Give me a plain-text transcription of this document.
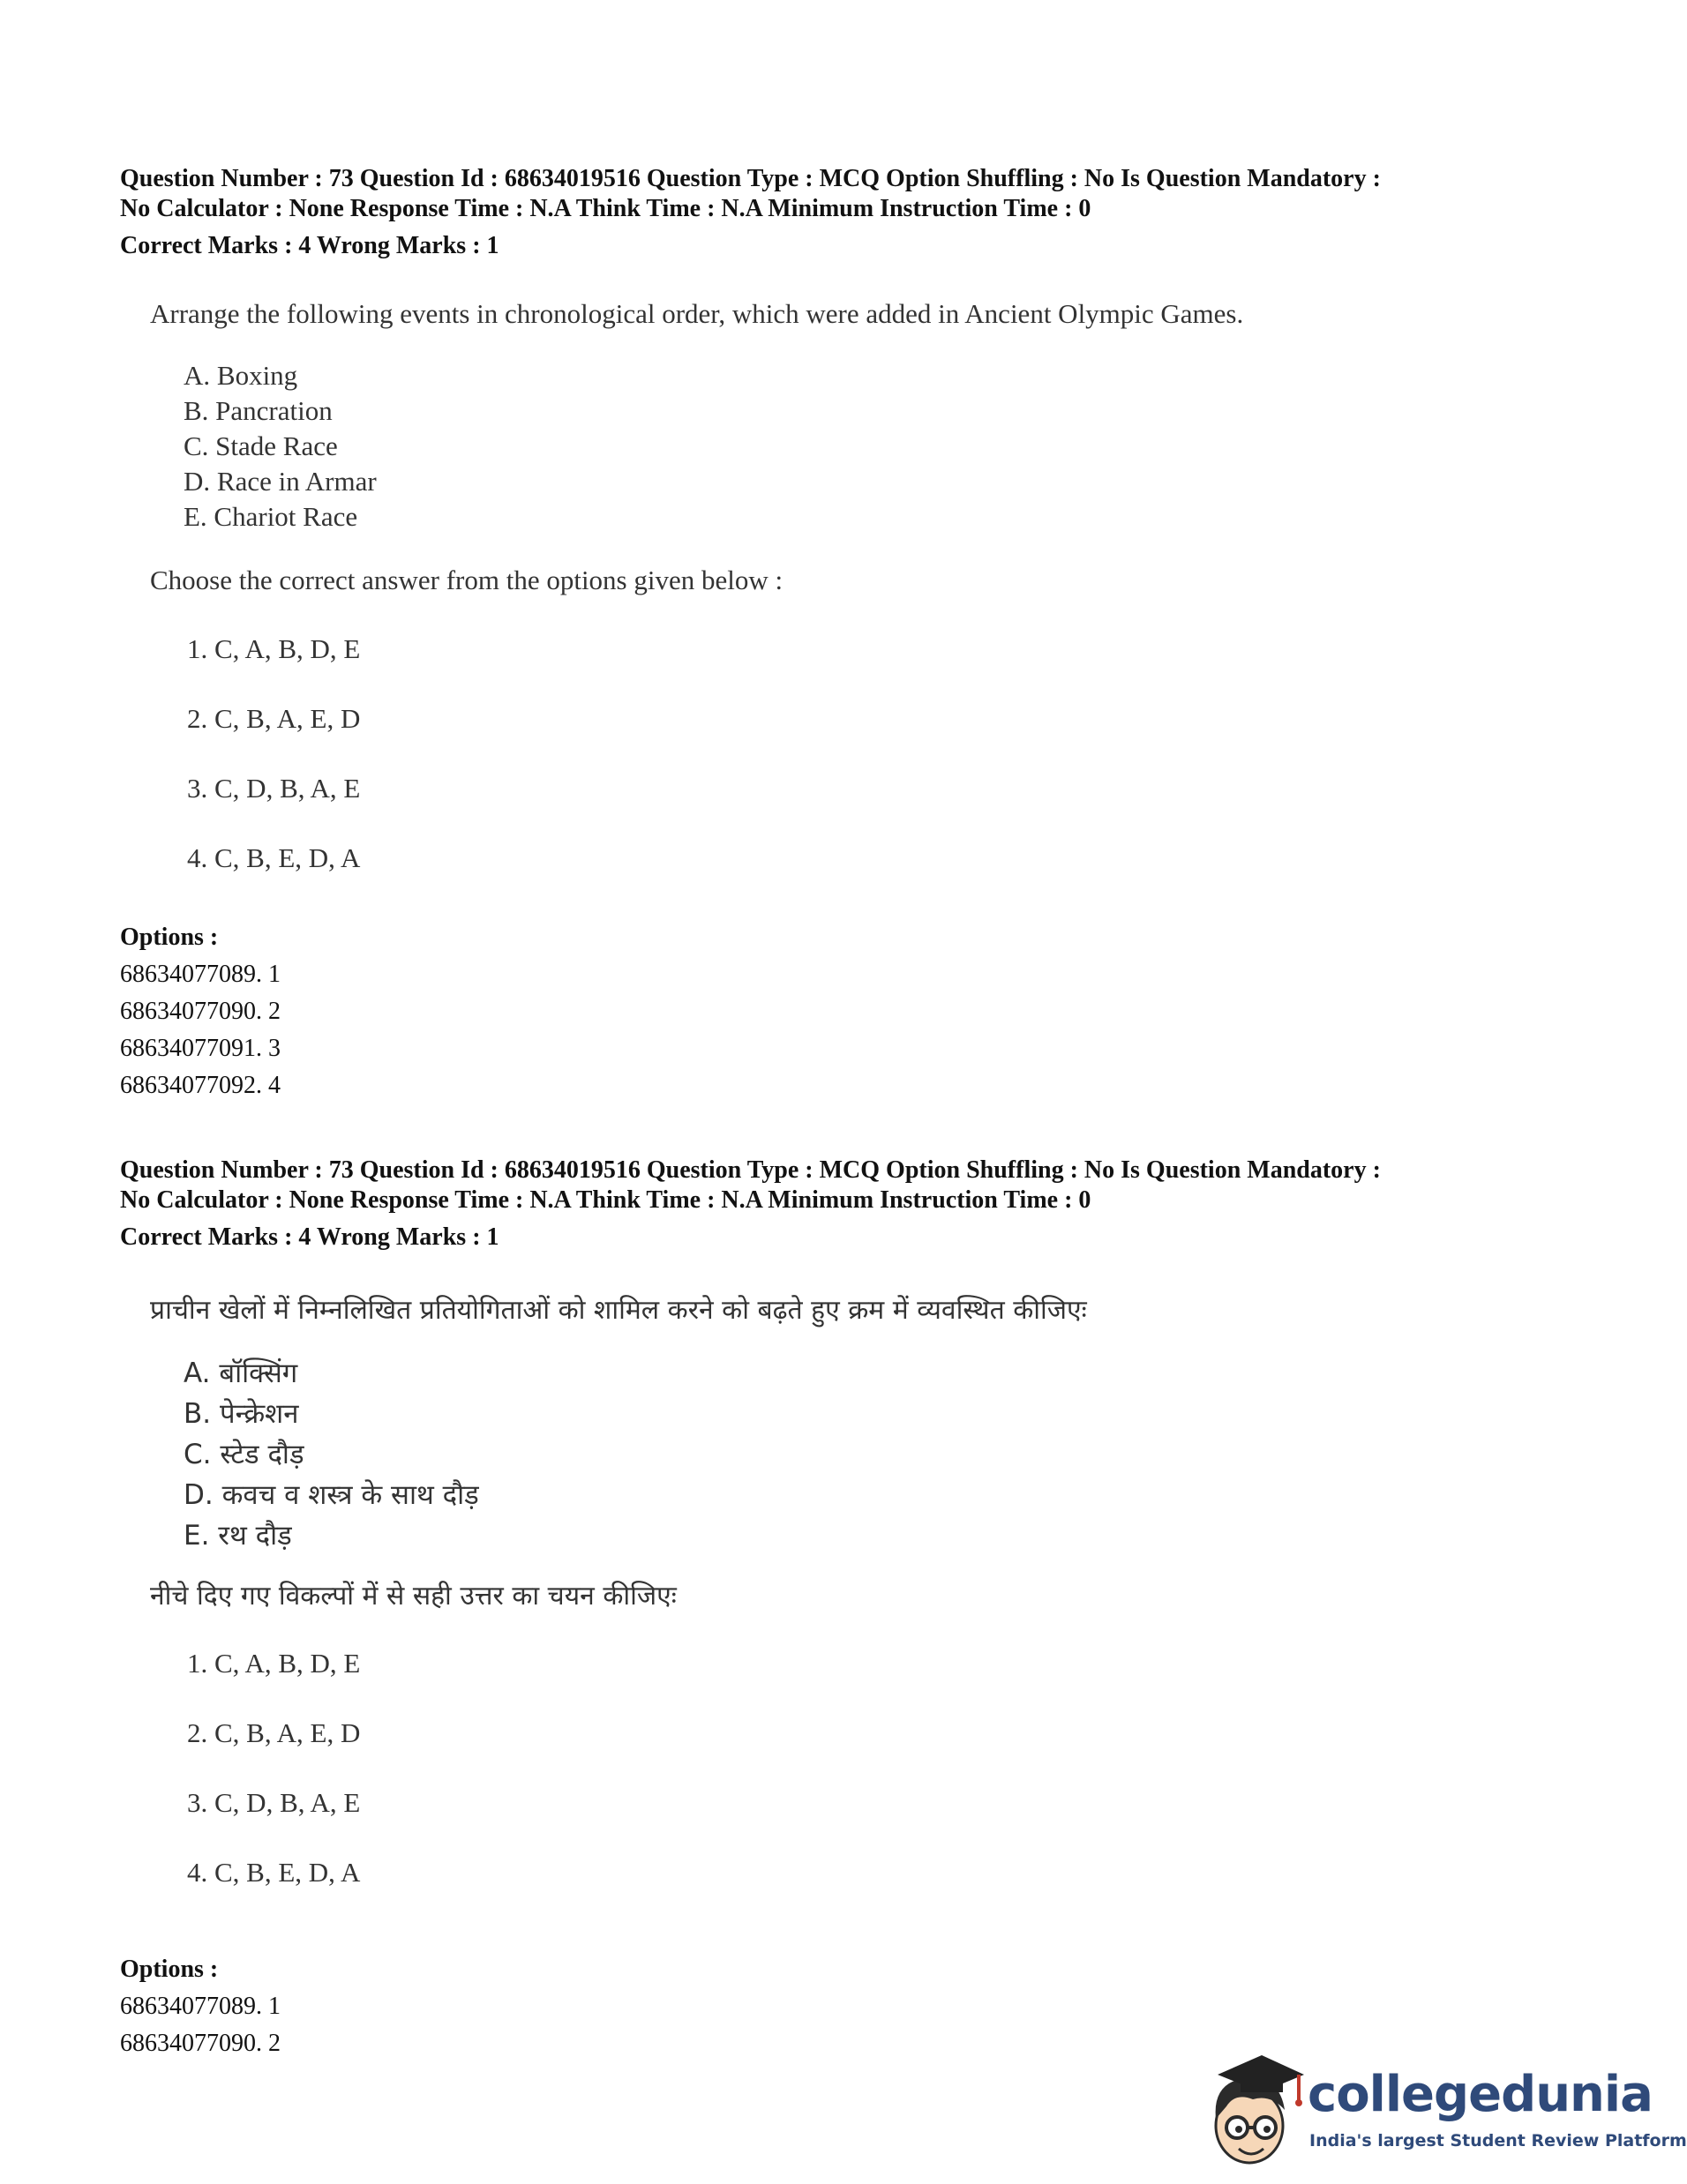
Question Number : 73 Question Id : 68634019516 Question Type : MCQ Option Shuffling : No Is Question Mandatory :
No Calculator : None Response Time : N.A Think Time : N.A Minimum Instruction Time : 0
Correct Marks : 4 Wrong Marks : 1
Arrange the following events in chronological order, which were added in Ancient Olympic Games.
A. Boxing
B. Pancration
C. Stade Race
D. Race in Armar
E. Chariot Race
Choose the correct answer from the options given below :
1. C, A, B, D, E
2. C, B, A, E, D
3. C, D, B, A, E
4. C, B, E, D, A
Options :
68634077089. 1
68634077090. 2
68634077091. 3
68634077092. 4
Question Number : 73 Question Id : 68634019516 Question Type : MCQ Option Shuffling : No Is Question Mandatory :
No Calculator : None Response Time : N.A Think Time : N.A Minimum Instruction Time : 0
Correct Marks : 4 Wrong Marks : 1
प्राचीन खेलों में निम्नलिखित प्रतियोगिताओं को शामिल करने को बढ़ते हुए क्रम में व्यवस्थित कीजिएः
A. बॉक्सिंग
B. पेन्क्रेशन
C. स्टेड दौड़
D. कवच व शस्त्र के साथ दौड़
E. रथ दौड़
नीचे दिए गए विकल्पों में से सही उत्तर का चयन कीजिएः
1. C, A, B, D, E
2. C, B, A, E, D
3. C, D, B, A, E
4. C, B, E, D, A
Options :
68634077089. 1
68634077090. 2
collegedunia
India's largest Student Review Platform
